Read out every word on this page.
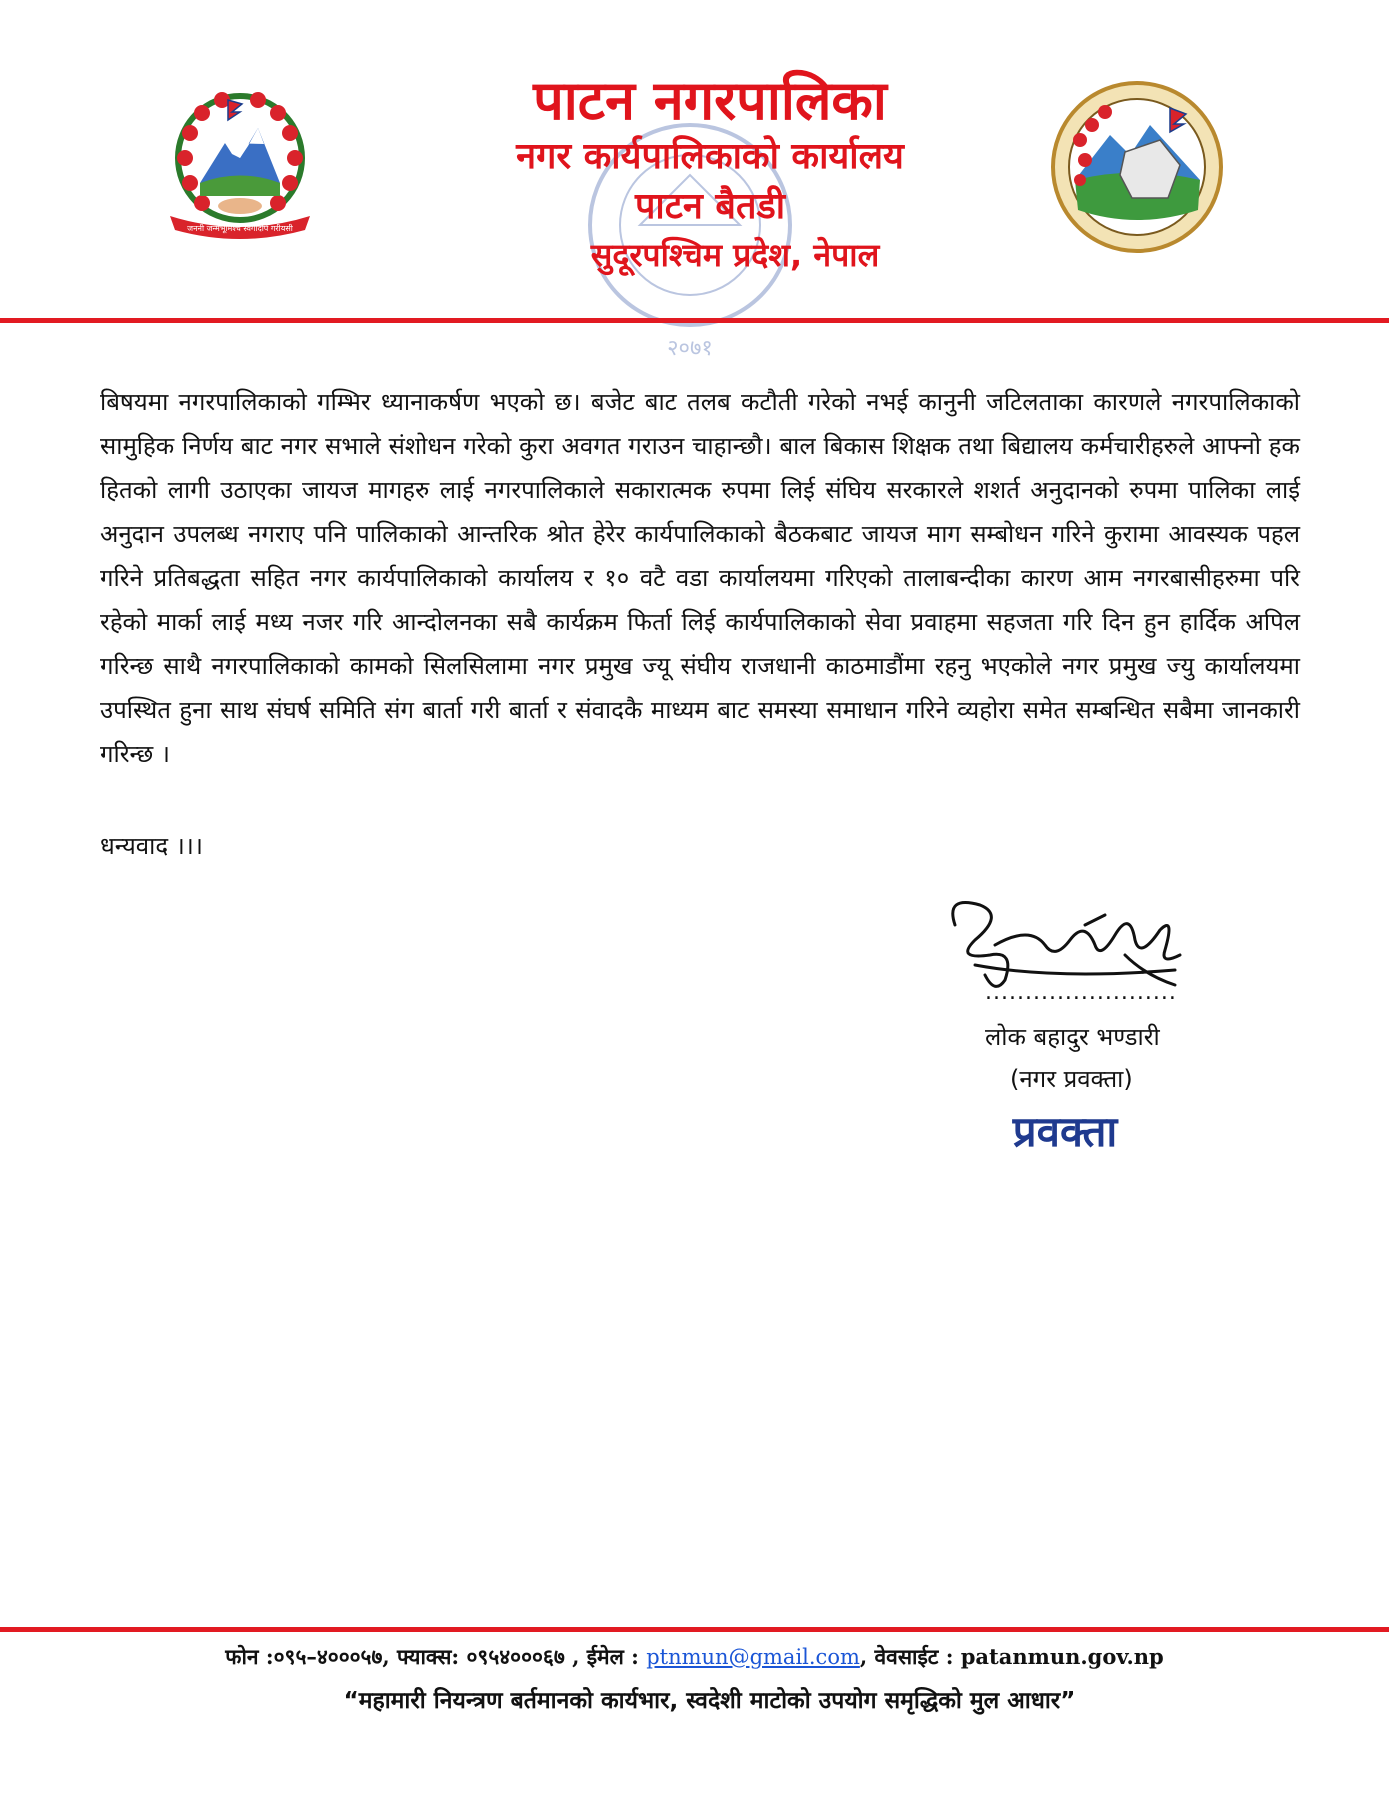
जननी जन्मभूमिश्च स्वर्गादपि गरीयसी
२०७१
पाटन नगरपालिका
नगर कार्यपालिकाको कार्यालय
पाटन बैतडी
सुदूरपश्चिम प्रदेश, नेपाल

बिषयमा नगरपालिकाको गम्भिर ध्यानाकर्षण भएको छ। बजेट बाट तलब कटौती गरेको नभई कानुनी जटिलताका कारणले नगरपालिकाको सामुहिक निर्णय बाट नगर सभाले संशोधन गरेको कुरा अवगत गराउन चाहान्छौ। बाल बिकास शिक्षक तथा बिद्यालय कर्मचारीहरुले आफ्नो हक हितको लागी उठाएका जायज मागहरु लाई नगरपालिकाले सकारात्मक रुपमा लिई संघिय सरकारले शशर्त अनुदानको रुपमा पालिका लाई अनुदान उपलब्ध नगराए पनि पालिकाको आन्तरिक श्रोत हेरेर कार्यपालिकाको बैठकबाट जायज माग सम्बोधन गरिने कुरामा आवस्यक पहल गरिने प्रतिबद्धता सहित नगर कार्यपालिकाको कार्यालय र १० वटै वडा कार्यालयमा गरिएको तालाबन्दीका कारण आम नगरबासीहरुमा परि रहेको मार्का लाई मध्य नजर गरि आन्दोलनका सबै कार्यक्रम फिर्ता लिई कार्यपालिकाको सेवा प्रवाहमा सहजता गरि दिन हुन हार्दिक अपिल गरिन्छ साथै नगरपालिकाको कामको सिलसिलामा नगर प्रमुख ज्यू संघीय राजधानी काठमाडौंमा रहनु भएकोले नगर प्रमुख ज्यु कार्यालयमा उपस्थित हुना साथ संघर्ष समिति संग बार्ता गरी बार्ता र संवादकै माध्यम बाट समस्या समाधान गरिने व्यहोरा समेत सम्बन्धित सबैमा जानकारी गरिन्छ ।

धन्यवाद ।।।

........................
लोक बहादुर भण्डारी
(नगर प्रवक्ता)
प्रवक्ता
फोन :०९५–४०००५७, फ्याक्स: ०९५४०००६७ , ईमेल : ptnmun@gmail.com, वेवसाईट : patanmun.gov.np
“महामारी नियन्त्रण बर्तमानको कार्यभार, स्वदेशी माटोको उपयोग समृद्धिको मुल आधार”
